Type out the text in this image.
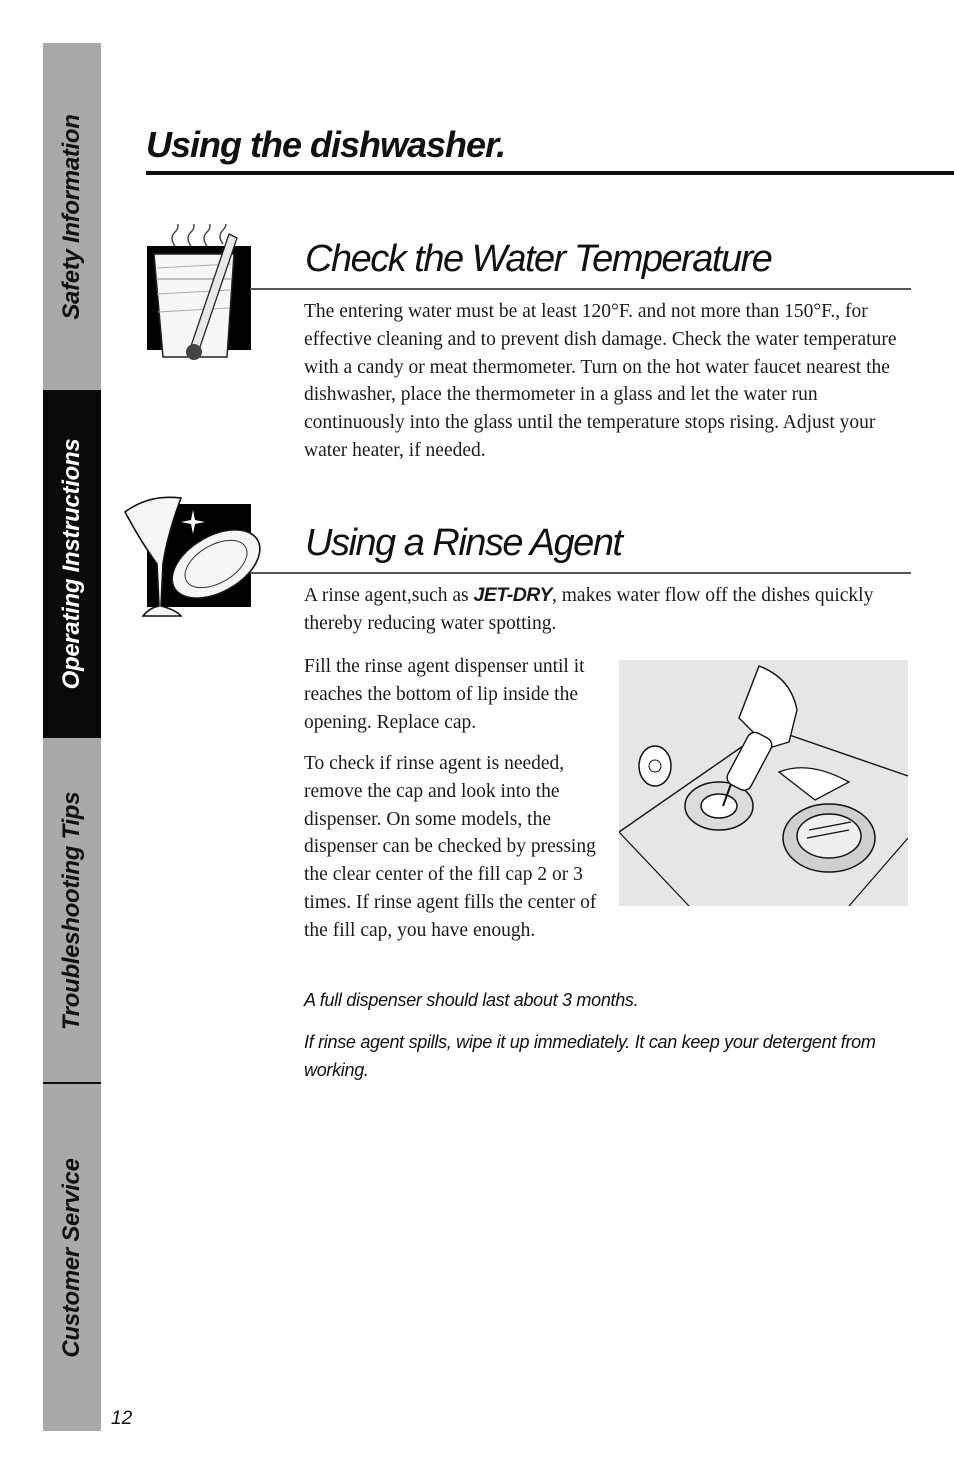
Safety Information
Operating Instructions
Troubleshooting Tips
Customer Service
Using the dishwasher.
Check the Water Temperature

The entering water must be at least 120°F. and not more than 150°F., for effective cleaning and to prevent dish damage. Check the water temperature with a candy or meat thermometer. Turn on the hot water faucet nearest the dishwasher, place the thermometer in a glass and let the water run continuously into the glass until the temperature stops rising. Adjust your water heater, if needed.

Using a Rinse Agent

A rinse agent,such as JET-DRY, makes water flow off the dishes quickly thereby reducing water spotting.

Fill the rinse agent dispenser until it reaches the bottom of lip inside the opening. Replace cap.

To check if rinse agent is needed, remove the cap and look into the dispenser. On some models, the dispenser can be checked by pressing the clear center of the fill cap 2 or 3 times. If rinse agent fills the center of the fill cap, you have enough.

A full dispenser should last about 3 months.

If rinse agent spills, wipe it up immediately. It can keep your detergent from working.

12
